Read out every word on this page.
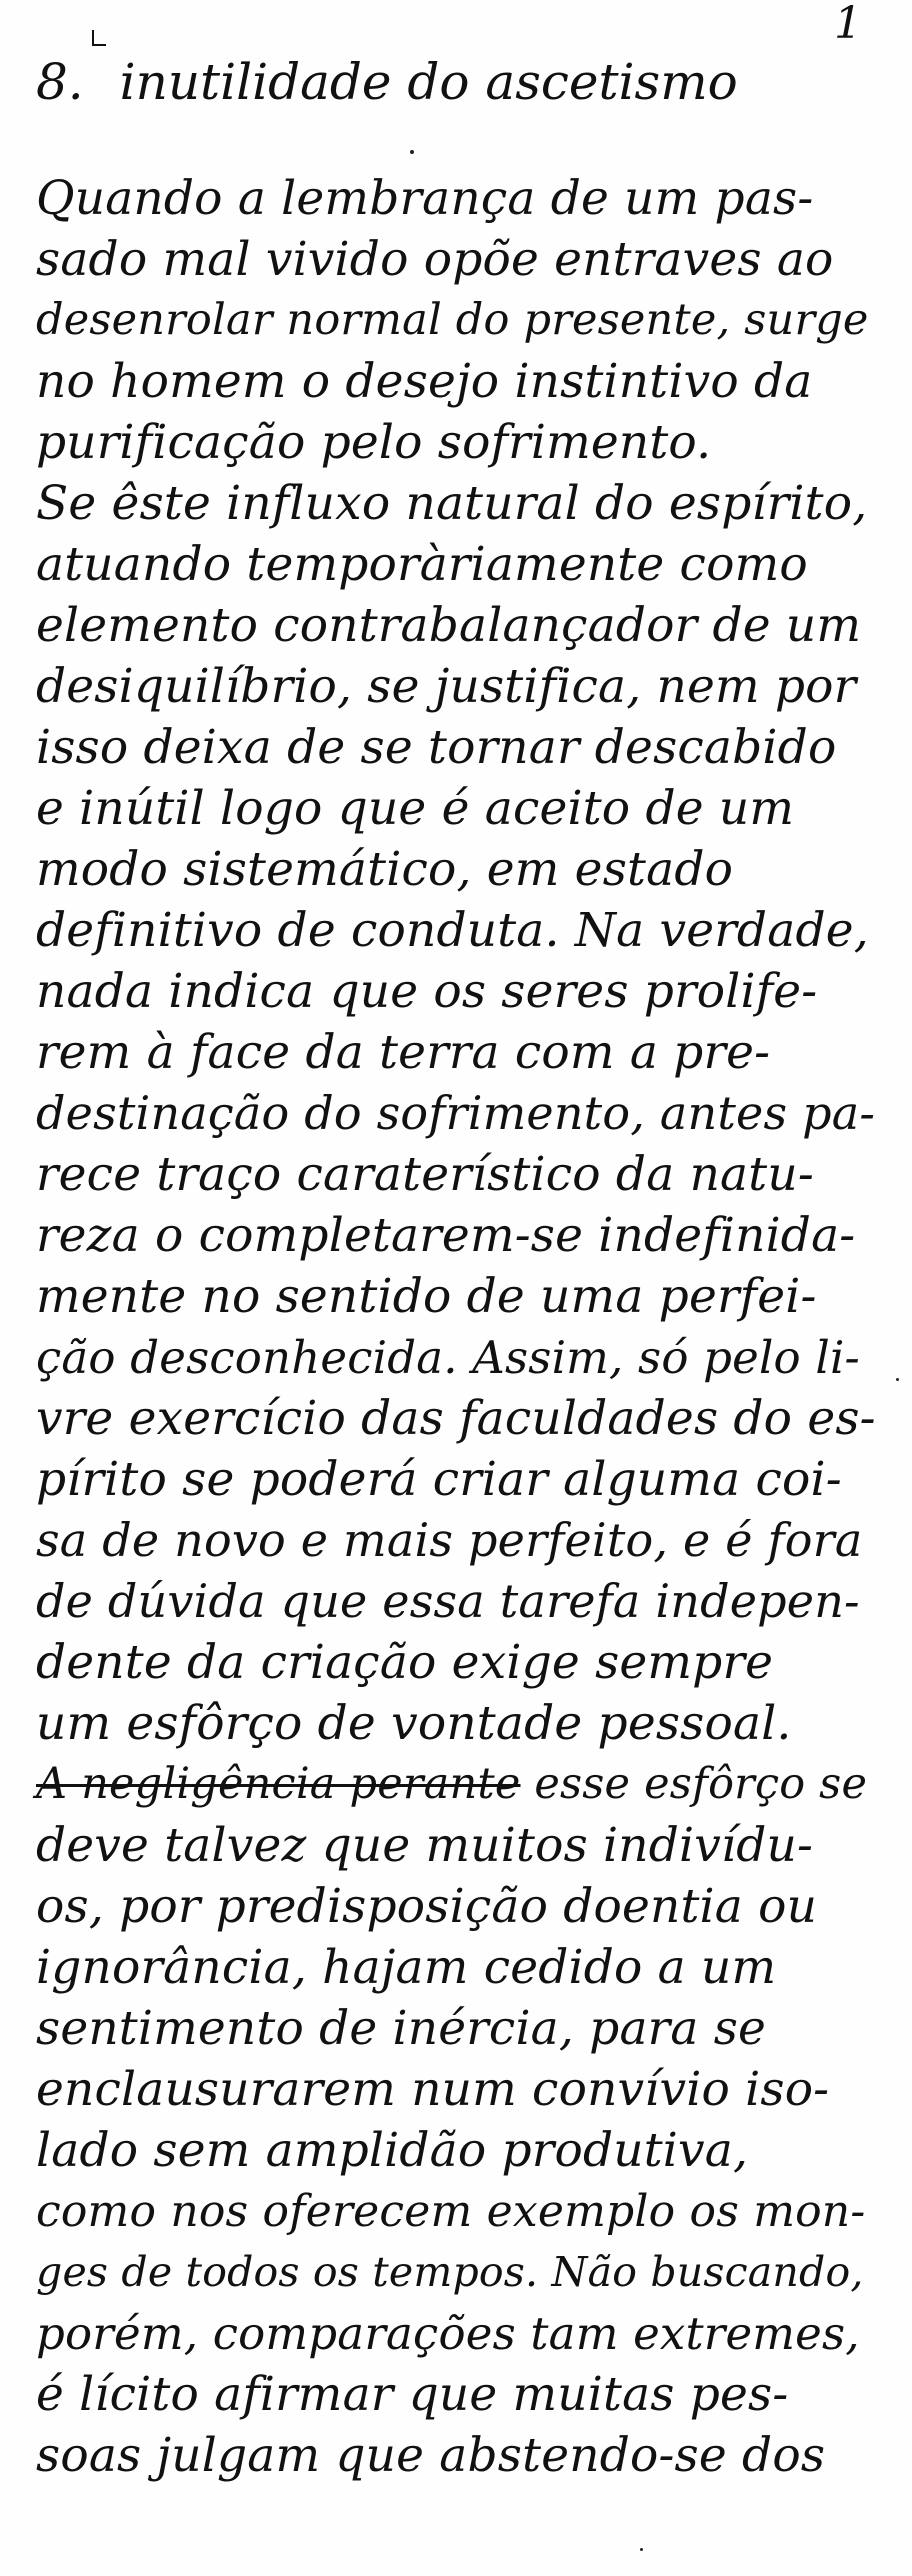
1
8. inutilidade do ascetismo
Quando a lembrança de um pas-
sado mal vivido opõe entraves ao
desenrolar normal do presente, surge
no homem o desejo instintivo da
purificação pelo sofrimento.
Se êste influxo natural do espírito,
atuando temporàriamente como
elemento contrabalançador de um
desiquilíbrio, se justifica, nem por
isso deixa de se tornar descabido
e inútil logo que é aceito de um
modo sistemático, em estado
definitivo de conduta. Na verdade,
nada indica que os seres prolife-
rem à face da terra com a pre-
destinação do sofrimento, antes pa-
rece traço caraterístico da natu-
reza o completarem-se indefinida-
mente no sentido de uma perfei-
ção desconhecida. Assim, só pelo li-
vre exercício das faculdades do es-
pírito se poderá criar alguma coi-
sa de novo e mais perfeito, e é fora
de dúvida que essa tarefa indepen-
dente da criação exige sempre
um esfôrço de vontade pessoal.
A negligência perante esse esfôrço se
deve talvez que muitos indivídu-
os, por predisposição doentia ou
ignorância, hajam cedido a um
sentimento de inércia, para se
enclausurarem num convívio iso-
lado sem amplidão produtiva,
como nos oferecem exemplo os mon-
ges de todos os tempos. Não buscando,
porém, comparações tam extremes,
é lícito afirmar que muitas pes-
soas julgam que abstendo-se dos
